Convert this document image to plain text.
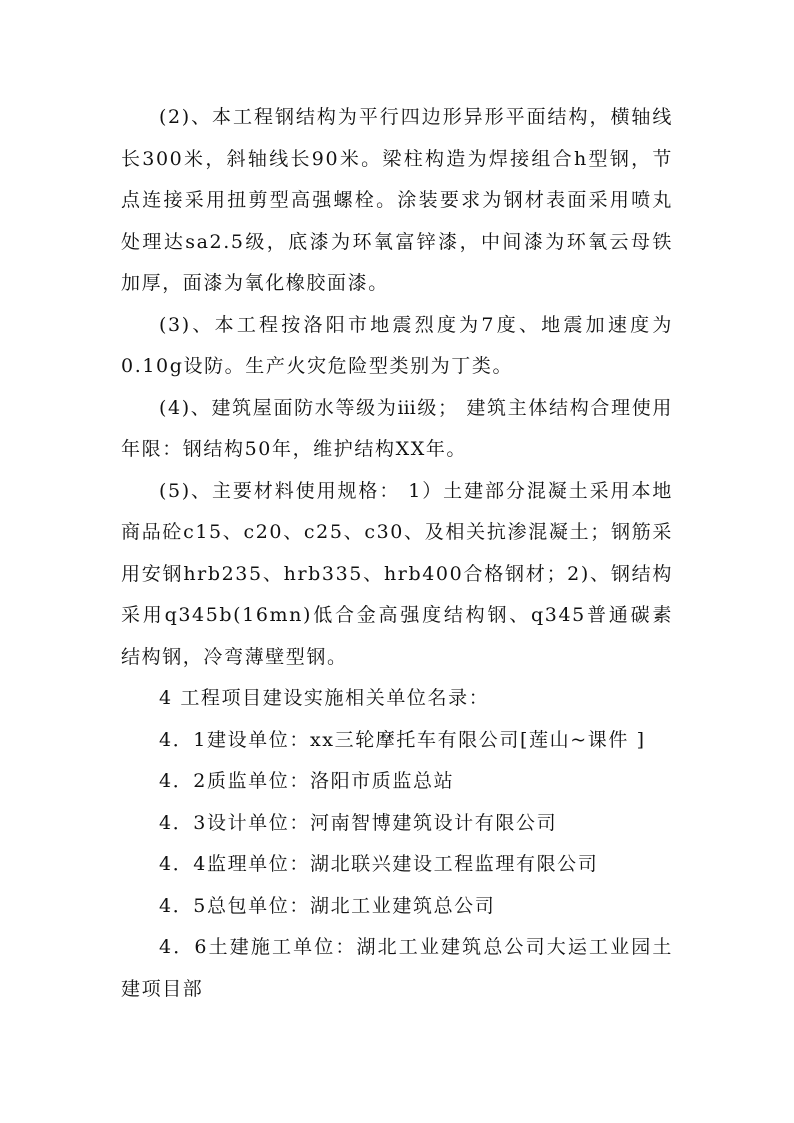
(2)、本工程钢结构为平行四边形异形平面结构，横轴线长300米，斜轴线长90米。梁柱构造为焊接组合h型钢，节点连接采用扭剪型高强螺栓。涂装要求为钢材表面采用喷丸处理达sa2.5级，底漆为环氧富锌漆，中间漆为环氧云母铁加厚，面漆为氧化橡胶面漆。

(3)、本工程按洛阳市地震烈度为7度、地震加速度为0.10g设防。生产火灾危险型类别为丁类。

(4)、建筑屋面防水等级为ⅲ级； 建筑主体结构合理使用年限：钢结构50年，维护结构XX年。

(5)、主要材料使用规格： 1）土建部分混凝土采用本地商品砼c15、c20、c25、c30、及相关抗渗混凝土；钢筋采用安钢hrb235、hrb335、hrb400合格钢材；2)、钢结构采用q345b(16mn)低合金高强度结构钢、q345普通碳素结构钢，冷弯薄壁型钢。

4 工程项目建设实施相关单位名录：

4．1建设单位：xx三轮摩托车有限公司[莲山~课件 ]

4．2质监单位：洛阳市质监总站

4．3设计单位：河南智博建筑设计有限公司

4．4监理单位：湖北联兴建设工程监理有限公司

4．5总包单位：湖北工业建筑总公司

4．6土建施工单位：湖北工业建筑总公司大运工业园土建项目部
